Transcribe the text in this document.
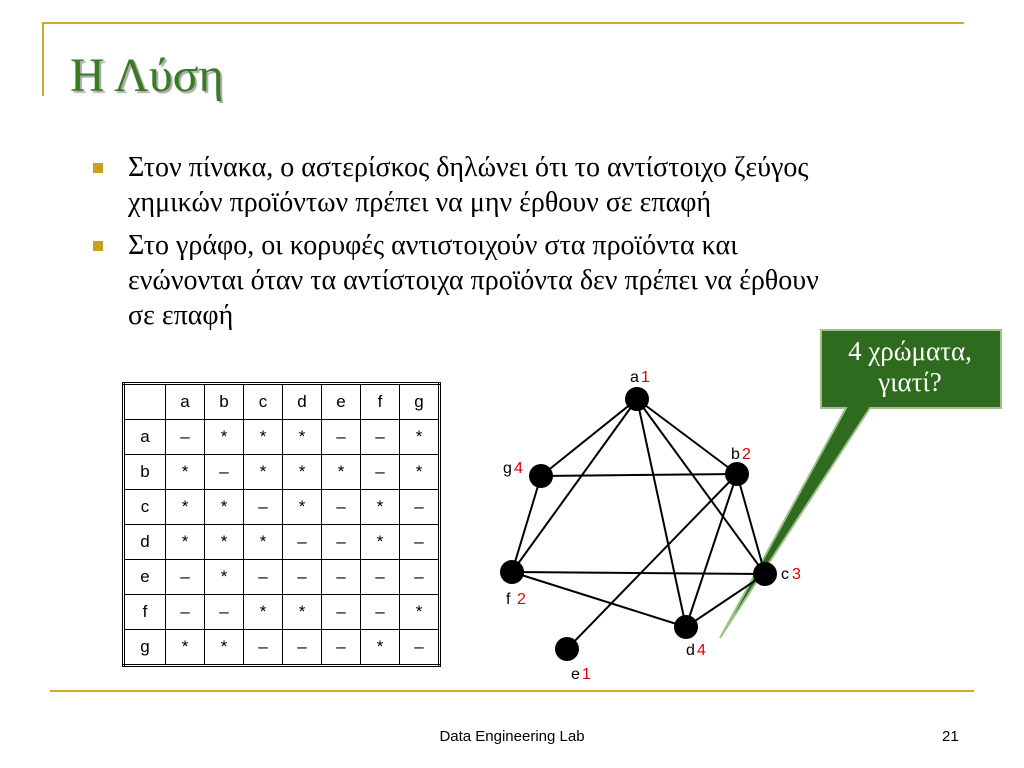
Η Λύση

Στον πίνακα, ο αστερίσκος δηλώνει ότι το αντίστοιχο ζεύγος

χημικών προϊόντων πρέπει να μην έρθουν σε επαφή

Στο γράφο, οι κορυφές αντιστοιχούν στα προϊόντα και

ενώνονται όταν τα αντίστοιχα προϊόντα δεν πρέπει να έρθουν

σε επαφή

	a	b	c	d	e	f	g
a	–	*	*	*	–	–	*
b	*	–	*	*	*	–	*
c	*	*	–	*	–	*	–
d	*	*	*	–	–	*	–
e	–	*	–	–	–	–	–
f	–	–	*	*	–	–	*
g	*	*	–	–	–	*	–
a 1
b 2
c 3
d 4
e 1
f 2
g 4
4 χρώματα,
γιατί?
Data Engineering Lab	21
